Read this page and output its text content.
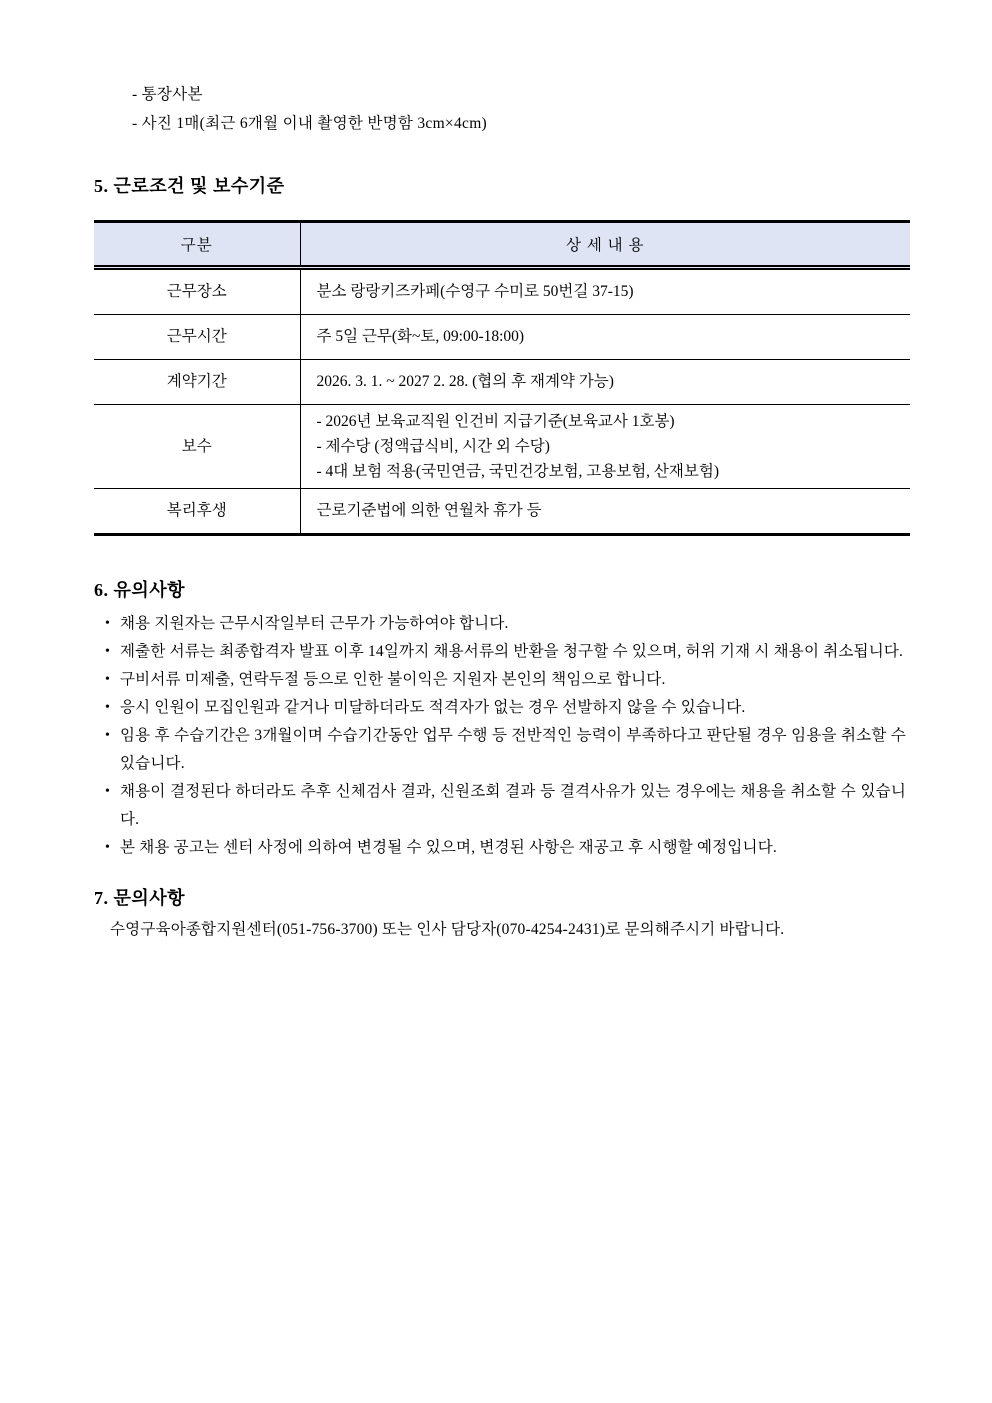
- 통장사본
- 사진 1매(최근 6개월 이내 촬영한 반명함 3cm×4cm)
5. 근로조건 및 보수기준
구분	상 세 내 용
근무장소	분소 랑랑키즈카페(수영구 수미로 50번길 37-15)

근무시간	주 5일 근무(화~토, 09:00-18:00)

계약기간	2026. 3. 1. ~ 2027 2. 28. (협의 후 재계약 가능)

보수	- 2026년 보육교직원 인건비 지급기준(보육교사 1호봉)
- 제수당 (정액급식비, 시간 외 수당)
- 4대 보험 적용(국민연금, 국민건강보험, 고용보험, 산재보험)

복리후생	근로기준법에 의한 연월차 휴가 등
6. 유의사항
• 채용 지원자는 근무시작일부터 근무가 가능하여야 합니다.
• 제출한 서류는 최종합격자 발표 이후 14일까지 채용서류의 반환을 청구할 수 있으며, 허위 기재 시 채용이 취소됩니다.
• 구비서류 미제출, 연락두절 등으로 인한 불이익은 지원자 본인의 책임으로 합니다.
• 응시 인원이 모집인원과 같거나 미달하더라도 적격자가 없는 경우 선발하지 않을 수 있습니다.
• 임용 후 수습기간은 3개월이며 수습기간동안 업무 수행 등 전반적인 능력이 부족하다고 판단될 경우 임용을 취소할 수 있습니다.
• 채용이 결정된다 하더라도 추후 신체검사 결과, 신원조회 결과 등 결격사유가 있는 경우에는 채용을 취소할 수 있습니다.
• 본 채용 공고는 센터 사정에 의하여 변경될 수 있으며, 변경된 사항은 재공고 후 시행할 예정입니다.
7. 문의사항
수영구육아종합지원센터(051-756-3700) 또는 인사 담당자(070-4254-2431)로 문의해주시기 바랍니다.
